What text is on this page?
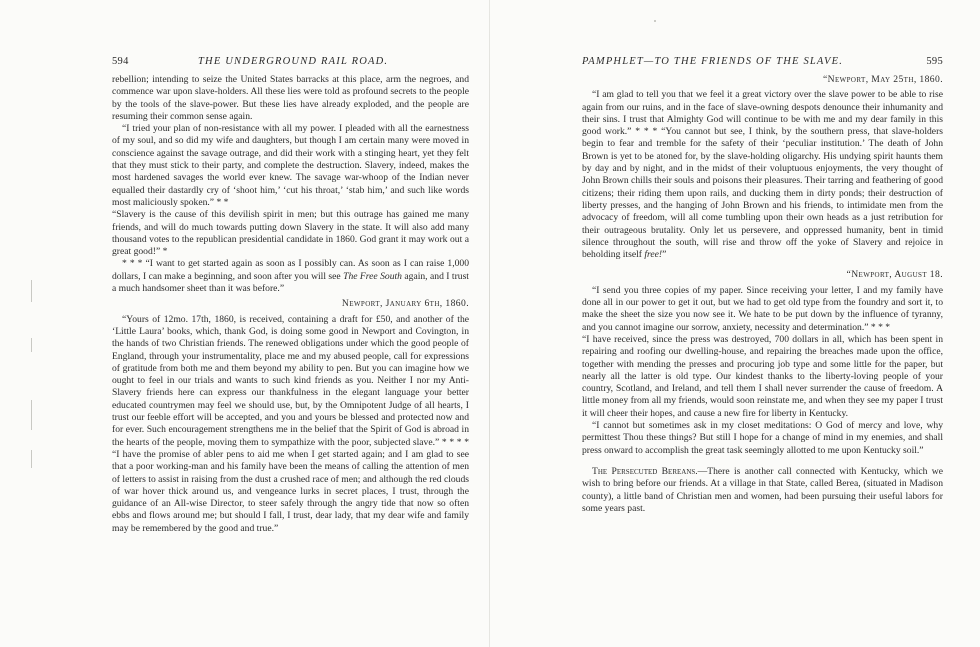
594	THE UNDERGROUND RAIL ROAD.

rebellion; intending to seize the United States barracks at this place, arm the negroes, and commence war upon slave-holders. All these lies were told as profound secrets to the people by the tools of the slave-power. But these lies have already exploded, and the people are resuming their common sense again.

“I tried your plan of non-resistance with all my power. I pleaded with all the earnestness of my soul, and so did my wife and daughters, but though I am certain many were moved in conscience against the savage outrage, and did their work with a stinging heart, yet they felt that they must stick to their party, and complete the destruction. Slavery, indeed, makes the most hardened savages the world ever knew. The savage war-whoop of the Indian never equalled their dastardly cry of ‘shoot him,’ ‘cut his throat,’ ‘stab him,’ and such like words most maliciously spoken.” * *

“Slavery is the cause of this devilish spirit in men; but this outrage has gained me many friends, and will do much towards putting down Slavery in the state. It will also add many thousand votes to the republican presidential candidate in 1860. God grant it may work out a great good!” *

* * * “I want to get started again as soon as I possibly can. As soon as I can raise 1,000 dollars, I can make a beginning, and soon after you will see The Free South again, and I trust a much handsomer sheet than it was before.”

Newport, January 6th, 1860.

“Yours of 12mo. 17th, 1860, is received, containing a draft for £50, and another of the ‘Little Laura’ books, which, thank God, is doing some good in Newport and Covington, in the hands of two Christian friends. The renewed obligations under which the good people of England, through your instrumentality, place me and my abused people, call for expressions of gratitude from both me and them beyond my ability to pen. But you can imagine how we ought to feel in our trials and wants to such kind friends as you. Neither I nor my Anti-Slavery friends here can express our thankfulness in the elegant language your better educated countrymen may feel we should use, but, by the Omnipotent Judge of all hearts, I trust our feeble effort will be accepted, and you and yours be blessed and protected now and for ever. Such encouragement strengthens me in the belief that the Spirit of God is abroad in the hearts of the people, moving them to sympathize with the poor, subjected slave.” * * * * “I have the promise of abler pens to aid me when I get started again; and I am glad to see that a poor working-man and his family have been the means of calling the attention of men of letters to assist in raising from the dust a crushed race of men; and although the red clouds of war hover thick around us, and vengeance lurks in secret places, I trust, through the guidance of an All-wise Director, to steer safely through the angry tide that now so often ebbs and flows around me; but should I fall, I trust, dear lady, that my dear wife and family may be remembered by the good and true.”

PAMPHLET—TO THE FRIENDS OF THE SLAVE.	595

“Newport, May 25th, 1860.

“I am glad to tell you that we feel it a great victory over the slave power to be able to rise again from our ruins, and in the face of slave-owning despots denounce their inhumanity and their sins. I trust that Almighty God will continue to be with me and my dear family in this good work.” * * * “You cannot but see, I think, by the southern press, that slave-holders begin to fear and tremble for the safety of their ‘peculiar institution.’ The death of John Brown is yet to be atoned for, by the slave-holding oligarchy. His undying spirit haunts them by day and by night, and in the midst of their voluptuous enjoyments, the very thought of John Brown chills their souls and poisons their pleasures. Their tarring and feathering of good citizens; their riding them upon rails, and ducking them in dirty ponds; their destruction of liberty presses, and the hanging of John Brown and his friends, to intimidate men from the advocacy of freedom, will all come tumbling upon their own heads as a just retribution for their outrageous brutality. Only let us persevere, and oppressed humanity, bent in timid silence throughout the south, will rise and throw off the yoke of Slavery and rejoice in beholding itself free!”

“Newport, August 18.

“I send you three copies of my paper. Since receiving your letter, I and my family have done all in our power to get it out, but we had to get old type from the foundry and sort it, to make the sheet the size you now see it. We hate to be put down by the influence of tyranny, and you cannot imagine our sorrow, anxiety, necessity and determination.” * * *

“I have received, since the press was destroyed, 700 dollars in all, which has been spent in repairing and roofing our dwelling-house, and repairing the breaches made upon the office, together with mending the presses and procuring job type and some little for the paper, but nearly all the latter is old type. Our kindest thanks to the liberty-loving people of your country, Scotland, and Ireland, and tell them I shall never surrender the cause of freedom. A little money from all my friends, would soon reinstate me, and when they see my paper I trust it will cheer their hopes, and cause a new fire for liberty in Kentucky.

“I cannot but sometimes ask in my closet meditations: O God of mercy and love, why permittest Thou these things? But still I hope for a change of mind in my enemies, and shall press onward to accomplish the great task seemingly allotted to me upon Kentucky soil.”

The Persecuted Bereans.—There is another call connected with Kentucky, which we wish to bring before our friends. At a village in that State, called Berea, (situated in Madison county), a little band of Christian men and women, had been pursuing their useful labors for some years past.
